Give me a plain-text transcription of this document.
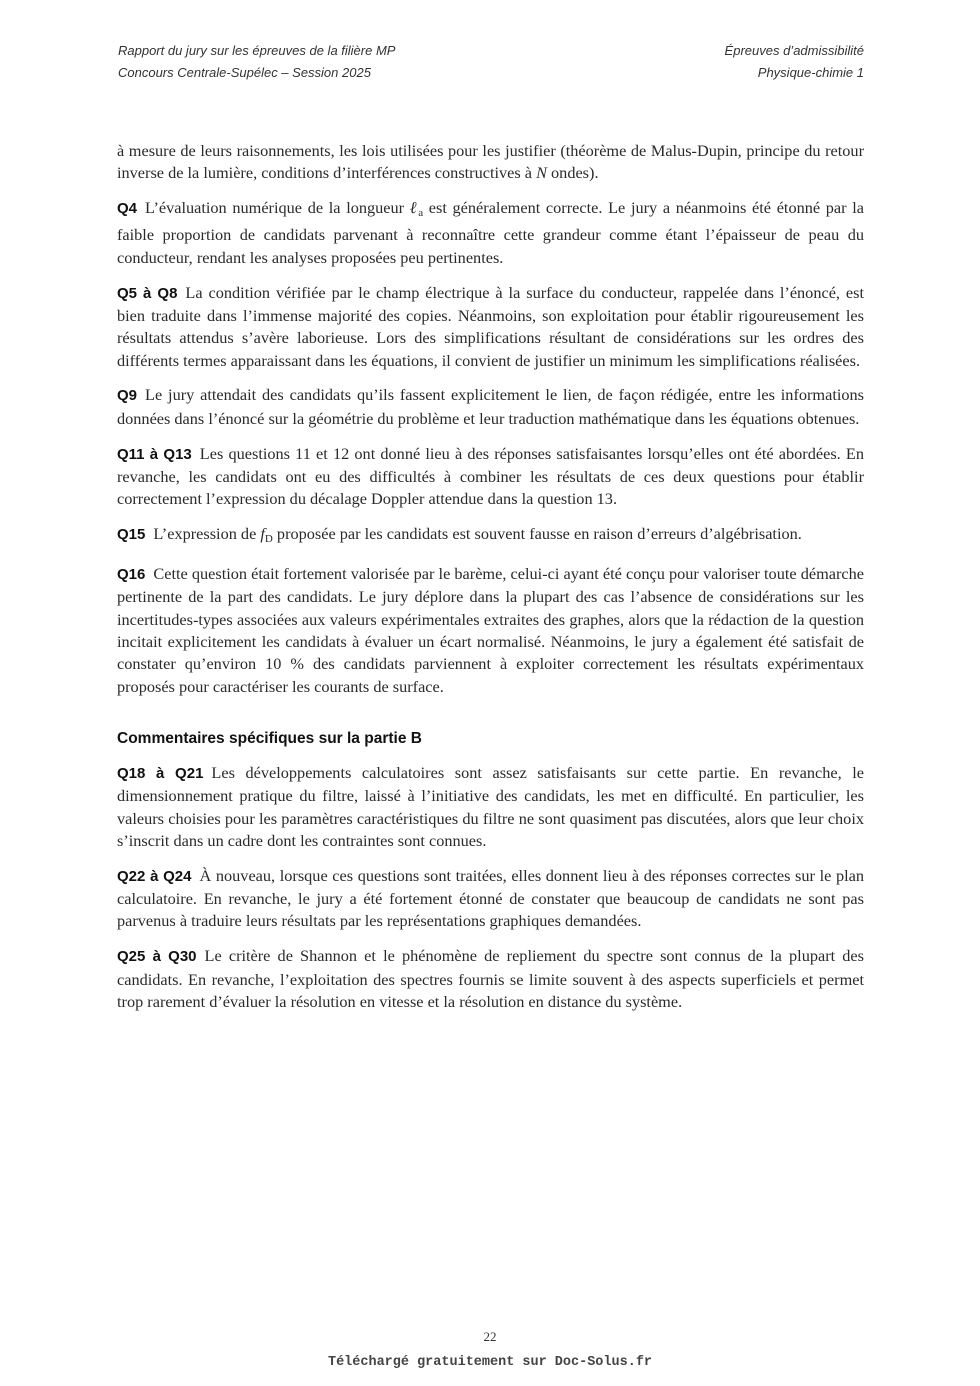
Rapport du jury sur les épreuves de la filière MP
Concours Centrale-Supélec – Session 2025
Épreuves d’admissibilité
Physique-chimie 1

à mesure de leurs raisonnements, les lois utilisées pour les justifier (théorème de Malus-Dupin, principe du retour inverse de la lumière, conditions d’interférences constructives à N ondes).

Q4 L’évaluation numérique de la longueur ℓ$_a$ est généralement correcte. Le jury a néanmoins été étonné par la faible proportion de candidats parvenant à reconnaître cette grandeur comme étant l’épaisseur de peau du conducteur, rendant les analyses proposées peu pertinentes.

Q5 à Q8 La condition vérifiée par le champ électrique à la surface du conducteur, rappelée dans l’énoncé, est bien traduite dans l’immense majorité des copies. Néanmoins, son exploitation pour établir rigoureusement les résultats attendus s’avère laborieuse. Lors des simplifications résultant de considérations sur les ordres des différents termes apparaissant dans les équations, il convient de justifier un minimum les simplifications réalisées.

Q9 Le jury attendait des candidats qu’ils fassent explicitement le lien, de façon rédigée, entre les informations données dans l’énoncé sur la géométrie du problème et leur traduction mathématique dans les équations obtenues.

Q11 à Q13 Les questions 11 et 12 ont donné lieu à des réponses satisfaisantes lorsqu’elles ont été abordées. En revanche, les candidats ont eu des difficultés à combiner les résultats de ces deux questions pour établir correctement l’expression du décalage Doppler attendue dans la question 13.

Q15 L’expression de $f_D$ proposée par les candidats est souvent fausse en raison d’erreurs d’algébrisation.

Q16 Cette question était fortement valorisée par le barème, celui-ci ayant été conçu pour valoriser toute démarche pertinente de la part des candidats. Le jury déplore dans la plupart des cas l’absence de considérations sur les incertitudes-types associées aux valeurs expérimentales extraites des graphes, alors que la rédaction de la question incitait explicitement les candidats à évaluer un écart normalisé. Néanmoins, le jury a également été satisfait de constater qu’environ 10 % des candidats parviennent à exploiter correctement les résultats expérimentaux proposés pour caractériser les courants de surface.

Commentaires spécifiques sur la partie B

Q18 à Q21 Les développements calculatoires sont assez satisfaisants sur cette partie. En revanche, le dimensionnement pratique du filtre, laissé à l’initiative des candidats, les met en difficulté. En particulier, les valeurs choisies pour les paramètres caractéristiques du filtre ne sont quasiment pas discutées, alors que leur choix s’inscrit dans un cadre dont les contraintes sont connues.

Q22 à Q24 À nouveau, lorsque ces questions sont traitées, elles donnent lieu à des réponses correctes sur le plan calculatoire. En revanche, le jury a été fortement étonné de constater que beaucoup de candidats ne sont pas parvenus à traduire leurs résultats par les représentations graphiques demandées.

Q25 à Q30 Le critère de Shannon et le phénomène de repliement du spectre sont connus de la plupart des candidats. En revanche, l’exploitation des spectres fournis se limite souvent à des aspects superficiels et permet trop rarement d’évaluer la résolution en vitesse et la résolution en distance du système.

22
Téléchargé gratuitement sur Doc-Solus.fr
